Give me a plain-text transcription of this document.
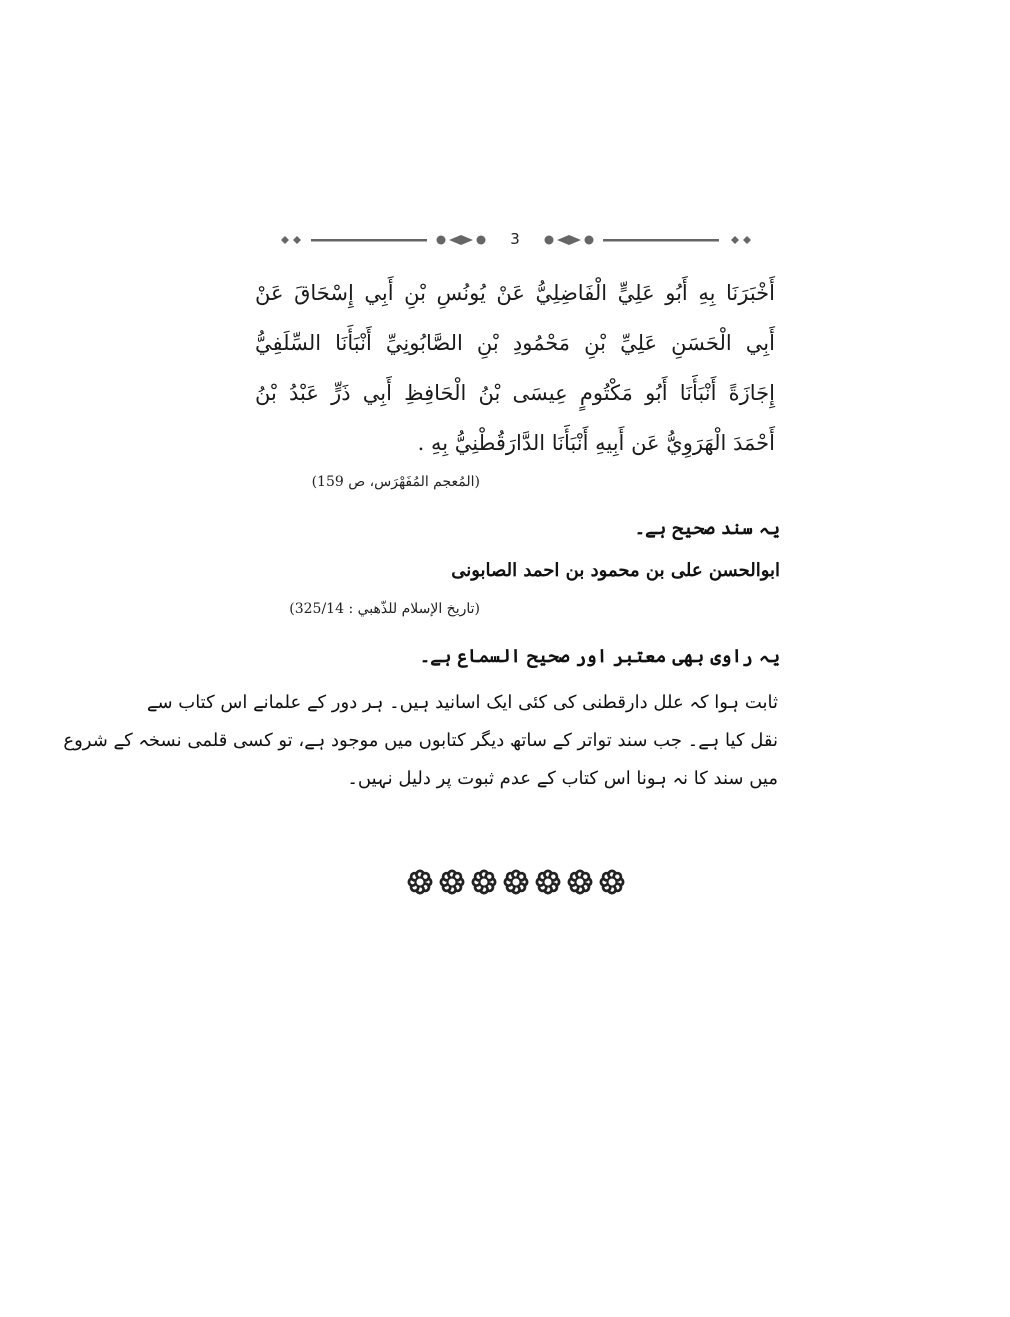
3
أَخْبَرَنَا بِهِ أَبُو عَلِيٍّ الْفَاضِلِيُّ عَنْ يُونُسِ بْنِ أَبِي إِسْحَاقَ عَنْ
أَبِي الْحَسَنِ عَلِيِّ بْنِ مَحْمُودِ بْنِ الصَّابُونِيِّ أَنْبَأَنَا السِّلَفِيُّ
إِجَازَةً أَنْبَأَنَا أَبُو مَكْتُومٍ عِيسَى بْنُ الْحَافِظِ أَبِي ذَرٍّ عَبْدُ بْنُ
أَحْمَدَ الْهَرَوِيُّ عَن أَبِيهِ أَنْبَأَنَا الدَّارَقُطْنِيُّ بِهِ .
(المُعجم المُفَهْرَس، ص 159)
یہ سند صحیح ہے۔
ابوالحسن علی بن محمود بن احمد الصابونی
(تاریخ الإسلام للذّهبي : 325/14)
یہ راوی بھی معتبر اور صحیح السماع ہے۔
ثابت ہوا کہ علل دارقطنی کی کئی ایک اسانید ہیں۔ ہر دور کے علمانے اس کتاب سے
نقل کیا ہے۔ جب سند تواتر کے ساتھ دیگر کتابوں میں موجود ہے، تو کسی قلمی نسخہ کے شروع
میں سند کا نہ ہونا اس کتاب کے عدم ثبوت پر دلیل نہیں۔
